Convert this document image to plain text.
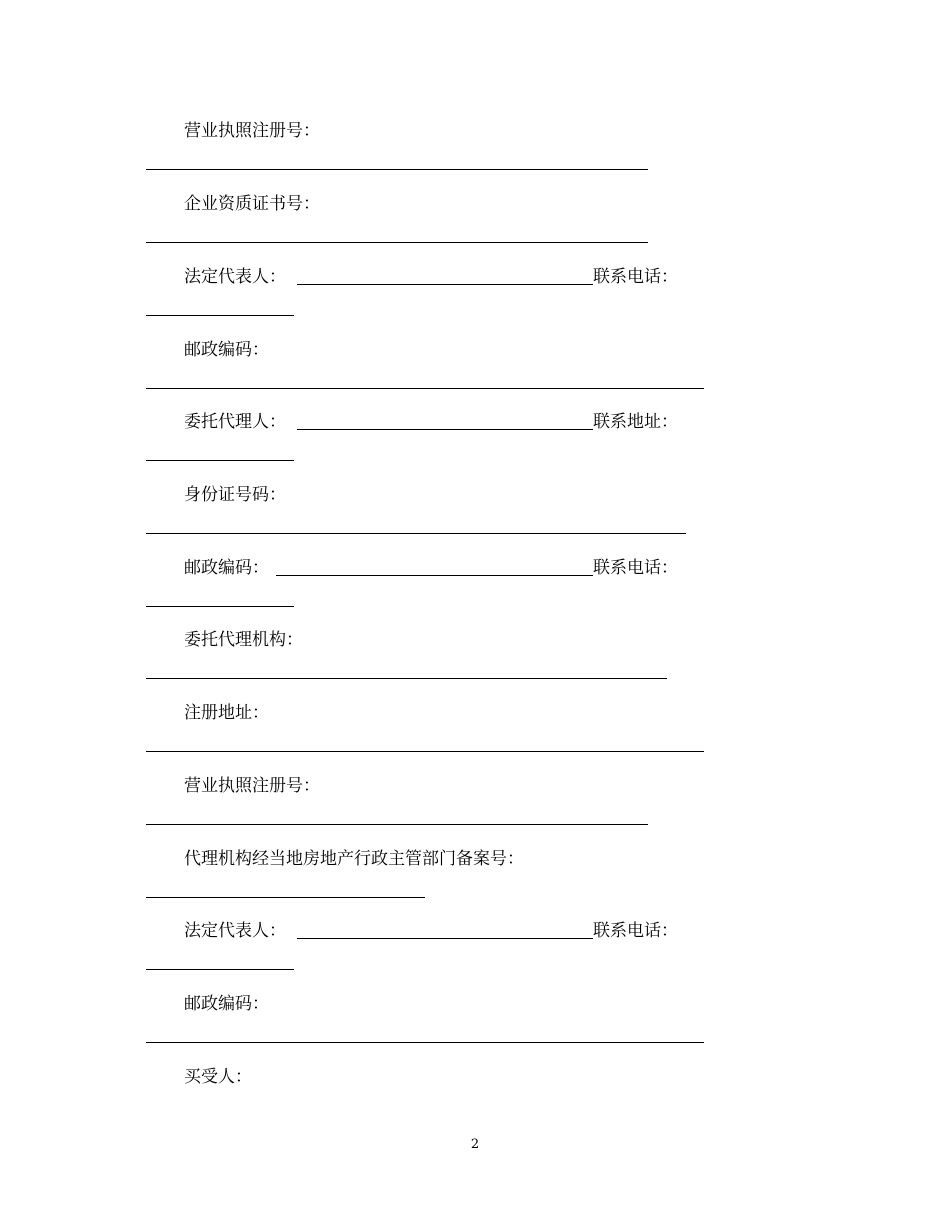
营业执照注册号：
企业资质证书号：
法定代表人：	联系电话：
邮政编码：
委托代理人：	联系地址：
身份证号码：
邮政编码：	联系电话：
委托代理机构：
注册地址：
营业执照注册号：
代理机构经当地房地产行政主管部门备案号：
法定代表人：	联系电话：
邮政编码：
买受人：
2
